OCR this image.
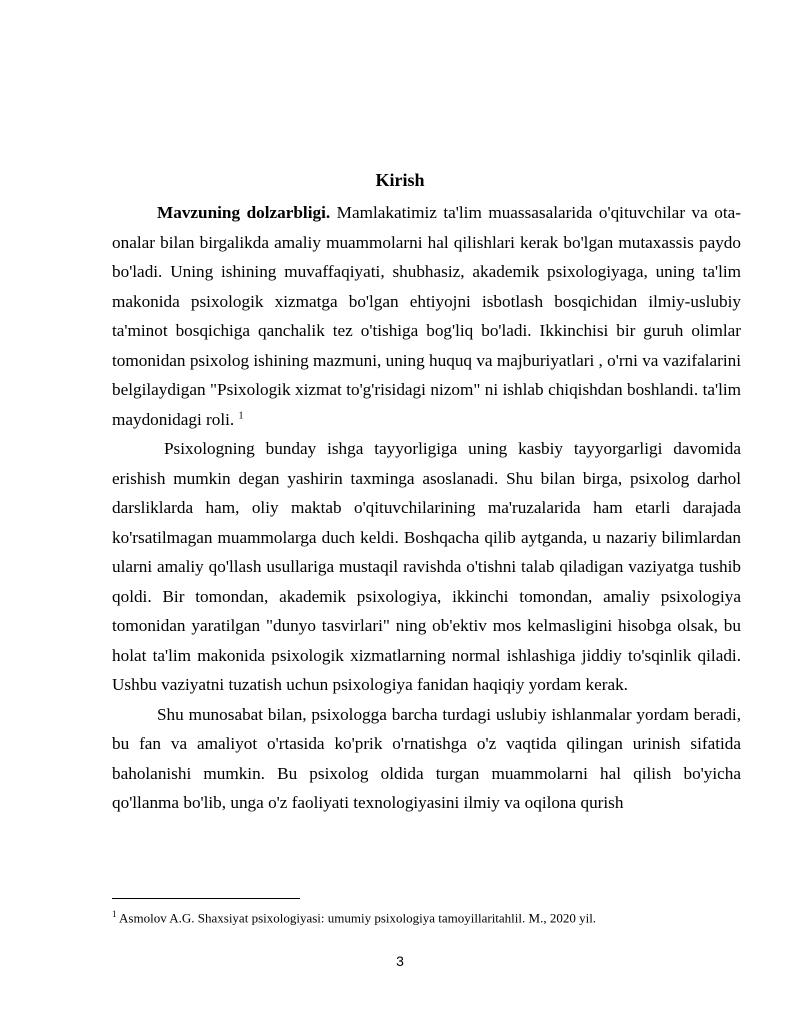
Kirish

Mavzuning dolzarbligi. Mamlakatimiz ta'lim muassasalarida o'qituvchilar va ota-onalar bilan birgalikda amaliy muammolarni hal qilishlari kerak bo'lgan mutaxassis paydo bo'ladi. Uning ishining muvaffaqiyati, shubhasiz, akademik psixologiyaga, uning ta'lim makonida psixologik xizmatga bo'lgan ehtiyojni isbotlash bosqichidan ilmiy-uslubiy ta'minot bosqichiga qanchalik tez o'tishiga bog'liq bo'ladi. Ikkinchisi bir guruh olimlar tomonidan psixolog ishining mazmuni, uning huquq va majburiyatlari , o'rni va vazifalarini belgilaydigan "Psixologik xizmat to'g'risidagi nizom" ni ishlab chiqishdan boshlandi. ta'lim maydonidagi roli. $^1$

Psixologning bunday ishga tayyorligiga uning kasbiy tayyorgarligi davomida erishish mumkin degan yashirin taxminga asoslanadi. Shu bilan birga, psixolog darhol darsliklarda ham, oliy maktab o'qituvchilarining ma'ruzalarida ham etarli darajada ko'rsatilmagan muammolarga duch keldi. Boshqacha qilib aytganda, u nazariy bilimlardan ularni amaliy qo'llash usullariga mustaqil ravishda o'tishni talab qiladigan vaziyatga tushib qoldi. Bir tomondan, akademik psixologiya, ikkinchi tomondan, amaliy psixologiya tomonidan yaratilgan "dunyo tasvirlari" ning ob'ektiv mos kelmasligini hisobga olsak, bu holat ta'lim makonida psixologik xizmatlarning normal ishlashiga jiddiy to'sqinlik qiladi. Ushbu vaziyatni tuzatish uchun psixologiya fanidan haqiqiy yordam kerak.

Shu munosabat bilan, psixologga barcha turdagi uslubiy ishlanmalar yordam beradi, bu fan va amaliyot o'rtasida ko'prik o'rnatishga o'z vaqtida qilingan urinish sifatida baholanishi mumkin. Bu psixolog oldida turgan muammolarni hal qilish bo'yicha qo'llanma bo'lib, unga o'z faoliyati texnologiyasini ilmiy va oqilona qurish

$^1$ Asmolov A.G. Shaxsiyat psixologiyasi: umumiy psixologiya tamoyillaritahlil. M., 2020 yil.
3
